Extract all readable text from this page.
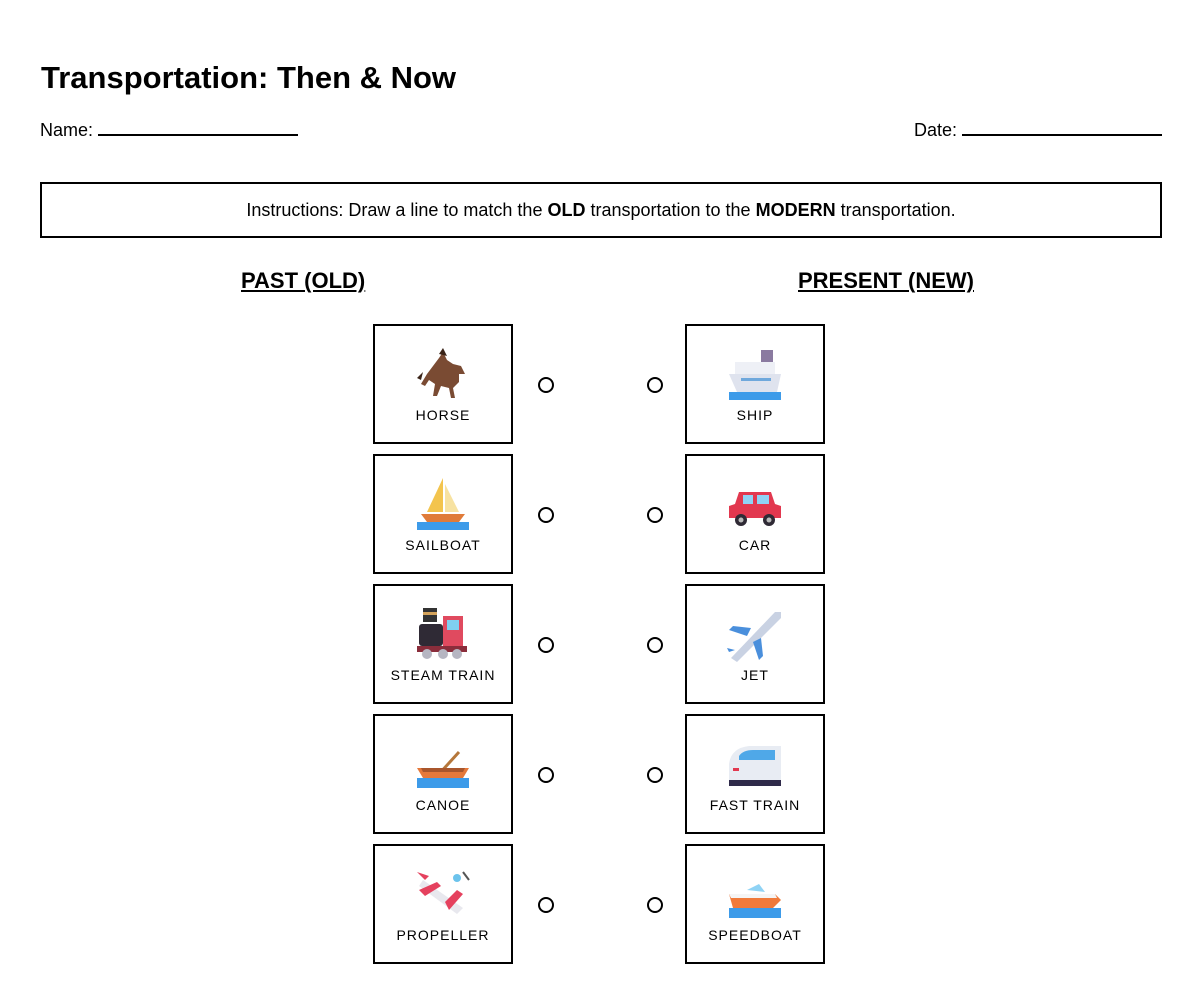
Transportation: Then & Now
Name:	Date:
Instructions: Draw a line to match the OLD transportation to the MODERN transportation.
PAST (OLD)	PRESENT (NEW)
HORSE
SAILBOAT
STEAM TRAIN
CANOE
PROPELLER
SHIP
CAR
JET
FAST TRAIN
SPEEDBOAT
